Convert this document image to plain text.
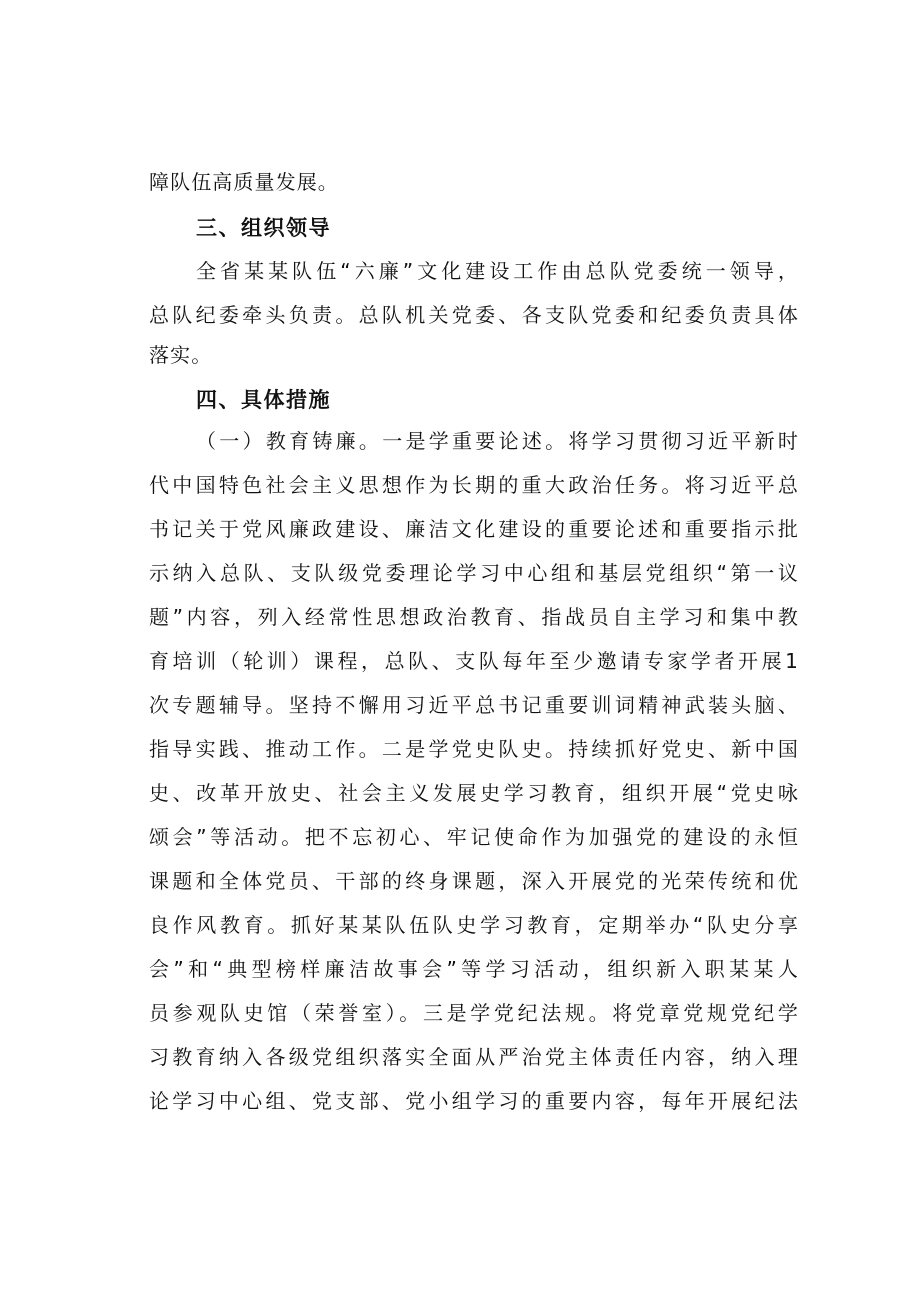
障队伍高质量发展。
三、组织领导
全省某某队伍“六廉”文化建设工作由总队党委统一领导，
总队纪委牵头负责。总队机关党委、各支队党委和纪委负责具体
落实。
四、具体措施
（一）教育铸廉。一是学重要论述。将学习贯彻习近平新时
代中国特色社会主义思想作为长期的重大政治任务。将习近平总
书记关于党风廉政建设、廉洁文化建设的重要论述和重要指示批
示纳入总队、支队级党委理论学习中心组和基层党组织“第一议
题”内容，列入经常性思想政治教育、指战员自主学习和集中教
育培训（轮训）课程，总队、支队每年至少邀请专家学者开展1
次专题辅导。坚持不懈用习近平总书记重要训词精神武装头脑、
指导实践、推动工作。二是学党史队史。持续抓好党史、新中国
史、改革开放史、社会主义发展史学习教育，组织开展“党史咏
颂会”等活动。把不忘初心、牢记使命作为加强党的建设的永恒
课题和全体党员、干部的终身课题，深入开展党的光荣传统和优
良作风教育。抓好某某队伍队史学习教育，定期举办“队史分享
会”和“典型榜样廉洁故事会”等学习活动，组织新入职某某人
员参观队史馆（荣誉室）。三是学党纪法规。将党章党规党纪学
习教育纳入各级党组织落实全面从严治党主体责任内容，纳入理
论学习中心组、党支部、党小组学习的重要内容，每年开展纪法
